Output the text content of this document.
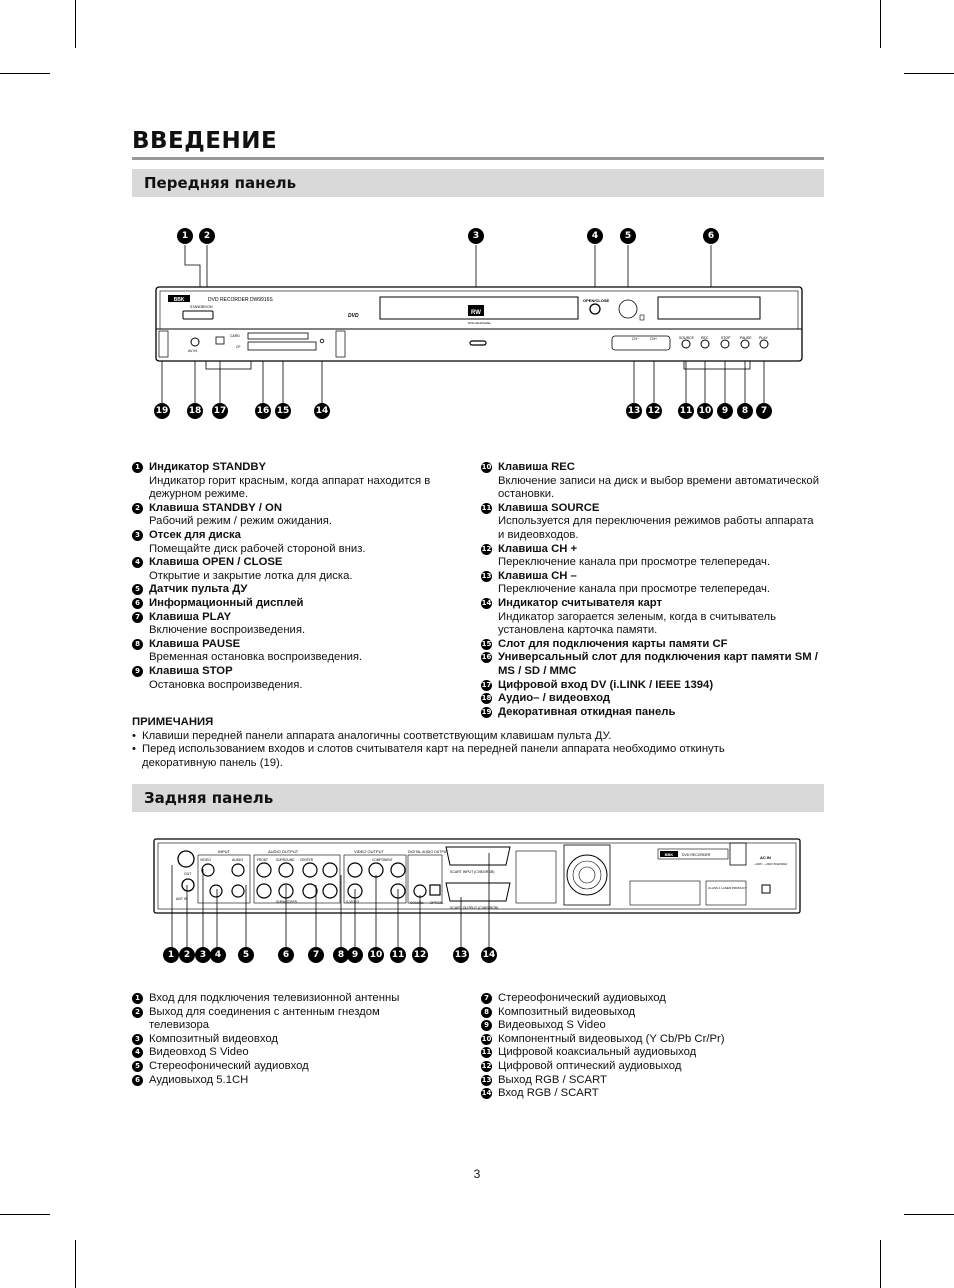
ВВЕДЕНИЕ
Передняя панель
BBK	DVD RECORDER DW9916S
STANDBY/ON
DVD	RW
DVD+ReWritable
OPEN/CLOSE
AV IN
CARD
CF
CH−	CH+	SOURCE REC	STOP	PAUSE PLAY
1	2	3	4	5	6
19 18 17	16 15	14	13 12 11 10	9	8	7
1 Индикатор STANDBY
Индикатор горит красным, когда аппарат находится в дежурном режиме.
2 Клавиша STANDBY / ON
Рабочий режим / режим ожидания.
3 Отсек для диска
Помещайте диск рабочей стороной вниз.
4 Клавиша OPEN / CLOSE
Открытие и закрытие лотка для диска.
5 Датчик пульта ДУ
6 Информационный дисплей
7 Клавиша PLAY
Включение воспроизведения.
8 Клавиша PAUSE
Временная остановка воспроизведения.
9 Клавиша STOP
Остановка воспроизведения.
10 Клавиша REC
Включение записи на диск и выбор времени автоматической остановки.
11 Клавиша SOURCE
Используется для переключения режимов работы аппарата и видеовходов.
12 Клавиша CH +
Переключение канала при просмотре телепередач.
13 Клавиша CH –
Переключение канала при просмотре телепередач.
14 Индикатор считывателя карт
Индикатор загорается зеленым, когда в считыватель установлена карточка памяти.
15 Слот для подключения карты памяти CF
16 Универсальный слот для подключения карт памяти SM / MS / SD / MMC
17 Цифровой вход DV (i.LINK / IEEE 1394)
18 Аудио– / видеовход
19 Декоративная откидная панель
ПРИМЕЧАНИЯ
• Клавиши передней панели аппарата аналогичны соответствующим клавишам пульта ДУ.
• Перед использованием входов и слотов считывателя карт на передней панели аппарата необходимо откинуть декоративную панель (19).
Задняя панель
OUT
ANT IN
INPUT
VIDEO	AUDIO
AUDIO OUTPUT	VIDEO OUTPUT	DIGITAL AUDIO OUTPUT
FRONT	SURROUND CENTER
SUBWOOFER	S-VIDEO
COMPONENT
COAXIAL OPTICAL
SCART INPUT (CVBS/RGB)
SCART OUTPUT (CVBS/RGB)
BBK DVD RECORDER
CLASS 1 LASER PRODUCT
AC IN
~100V - ~240V 50Hz/60Hz
1	2	3 4	5	6	7	8 9	10 11 12	13 14
1 Вход для подключения телевизионной антенны
2 Выход для соединения с антенным гнездом телевизора
3 Композитный видеовход
4 Видеовход S Video
5 Стереофонический аудиовход
6 Аудиовыход 5.1CH
7 Стереофонический аудиовыход
8 Композитный видеовыход
9 Видеовыход S Video
10 Компонентный видеовыход (Y Cb/Pb Cr/Pr)
11 Цифровой коаксиальный аудиовыход
12 Цифровой оптический аудиовыход
13 Выход RGB / SCART
14 Вход RGB / SCART
3
